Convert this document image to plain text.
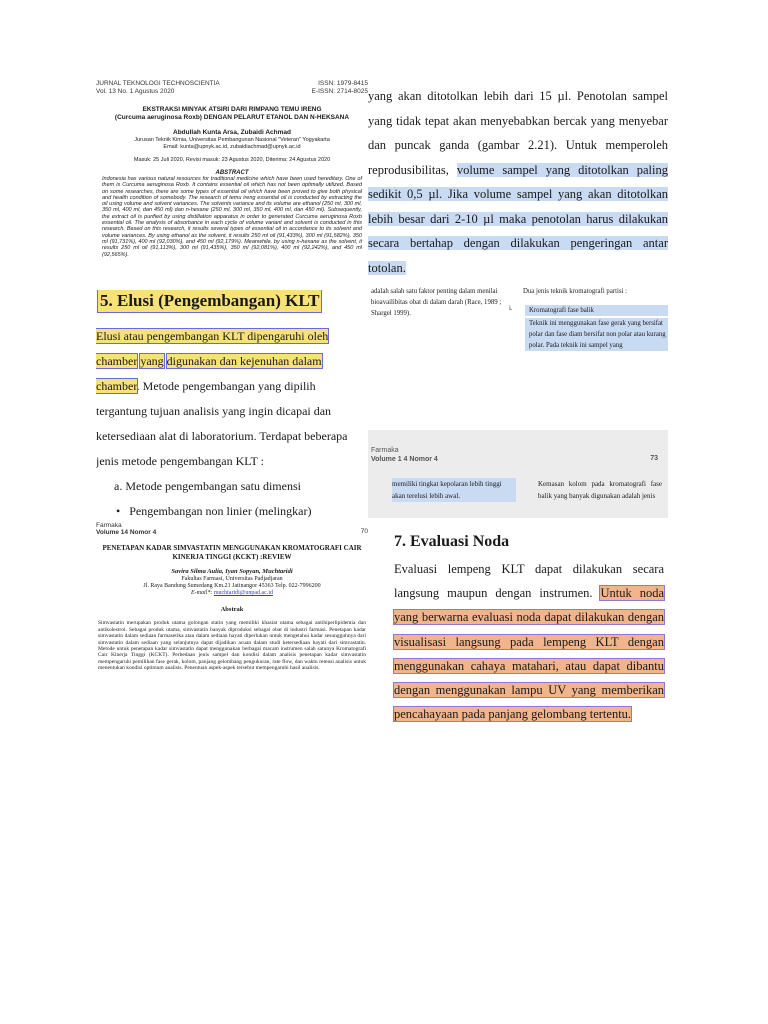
JURNAL TEKNOLOGI TECHNOSCIENTIA
Vol. 13 No. 1 Agustus 2020
ISSN: 1979-8415
E-ISSN: 2714-8025
EKSTRAKSI MINYAK ATSIRI DARI RIMPANG TEMU IRENG
(Curcuma aeruginosa Roxb) DENGAN PELARUT ETANOL DAN N-HEKSANA
Abdullah Kunta Arsa, Zubaidi Achmad
Jurusan Teknik Kimia, Universitas Pembangunan Nasional "Veteran" Yogyakarta
Email: kunta@upnyk.ac.id, zubaidiachmad@upnyk.ac.id
Masuk: 25 Juli 2020, Revisi masuk: 23 Agustus 2020, Diterima: 24 Agustus 2020
ABSTRACT
Indonesia has various natural resources for traditional medicine which have been used hereditary. One of them is Curcuma aeruginosa Roxb. It contains essential oil which has not been optimally utilized. Based on some researches, there are some types of essential oil which have been proved to give both physical and health condition of somebody. The research of temu ireng essential oil is conducted by extracting the oil using volume and solvent variances. The solvents variance and its volume are ethanol (250 ml, 300 ml, 350 ml, 400 ml, dan 450 ml) dan n-hexane (250 ml, 300 ml, 350 ml, 400 ml, dan 450 ml). Subsequently, the extract oil is purified by using distillation apparatus in order to generated Curcuma aeruginosa Roxb essential oil. The analysis of absorbance in each cycle of volume variant and solvent is conducted in this research. Based on this research, it results several types of essential oil in accordance to its solvent and volume variances. By using ethanol as the solvent, it results 250 ml oil (91,433%), 300 ml (91,582%), 350 ml (91,731%), 400 ml (92,030%), and 450 ml (92,179%). Meanwhile, by using n-hexane as the solvent, it results 250 ml oil (91,113%), 300 ml (91,435%), 350 ml (92,081%), 400 ml (92,242%), and 450 ml (92,565%).
5. Elusi (Pengembangan) KLT
Elusi atau pengembangan KLT dipengaruhi oleh chamber yang digunakan dan kejenuhan dalam chamber. Metode pengembangan yang dipilih tergantung tujuan analisis yang ingin dicapai dan ketersediaan alat di laboratorium. Terdapat beberapa jenis metode pengembangan KLT :
a. Metode pengembangan satu dimensi
•   Pengembangan non linier (melingkar)
yang akan ditotolkan lebih dari 15 µl. Penotolan sampel yang tidak tepat akan menyebabkan bercak yang menyebar dan puncak ganda (gambar 2.21). Untuk memperoleh reprodusibilitas, volume sampel yang ditotolkan paling sedikit 0,5 µl. Jika volume sampel yang akan ditotolkan lebih besar dari 2-10 µl maka penotolan harus dilakukan secara bertahap dengan dilakukan pengeringan antar totolan.
adalah salah satu faktor penting dalam menilai bioavailibitas obat di dalam darah (Race, 1989 ; Shargel 1999).
Dua jenis teknik kromatografi partisi :
i.	Kromatografi fase balik
Teknik ini menggunakan fase gerak yang bersifat polar dan fase diam bersifat non polar atau kurang polar. Pada teknik ini sampel yang
Farmaka
Volume 1 4 Nomor 4	73
memiliki tingkat kepolaran lebih tinggi akan terelusi lebih awal.
Kemasan kolom pada kromatografi fase balik yang banyak digunakan adalah jenis
Farmaka
Volume 14 Nomor 4	70
PENETAPAN KADAR SIMVASTATIN MENGGUNAKAN KROMATOGRAFI CAIR KINERJA TINGGI (KCKT) :REVIEW
Savira Silma Aulia, Iyan Sopyan, Muchtaridi
Fakultas Farmasi, Universitas Padjadjaran
Jl. Raya Bandung Sumedang Km.21 Jatinangor 45363 Telp. 022-7996200
E-mail*: muchtaridi@unpad.ac.id
Abstrak
Simvastatin merupakan produk utama golongan statin yang memiliki khasiat utama sebagai antihiperlipidemia dan antikolestrol. Sebagai produk utama, simvastatin banyak diproduksi sebagai obat di industri farmasi. Penetapan kadar simvastatin dalam sediaan farmasetika atau dalam sediaan hayati diperlukan untuk mengetahui kadar sesungguhnya dari simvastatin dalam sediaan yang selanjutnya dapat dijadikan acuan dalam studi ketersediaan hayati dari simvastatin. Metode untuk penetapan kadar simvastatin dapat menggunakan berbagai macam instrumen salah satunya Kromatografi Cair Kinerja Tinggi (KCKT). Perbedaan jenis sampel dan kondisi dalam analisis penetapan kadar simvastatin mempengaruhi pemilihan fase gerak, kolom, panjang gelombang pengukuran, rate flow, dan waktu retensi analisis untuk menentukan kondisi optimum analisis. Penentuan aspek-aspek tersebut mempengaruhi hasil analisis.
7. Evaluasi Noda
Evaluasi lempeng KLT dapat dilakukan secara langsung maupun dengan instrumen. Untuk noda yang berwarna evaluasi noda dapat dilakukan dengan visualisasi langsung pada lempeng KLT dengan menggunakan cahaya matahari, atau dapat dibantu dengan menggunakan lampu UV yang memberikan pencahayaan pada panjang gelombang tertentu.
